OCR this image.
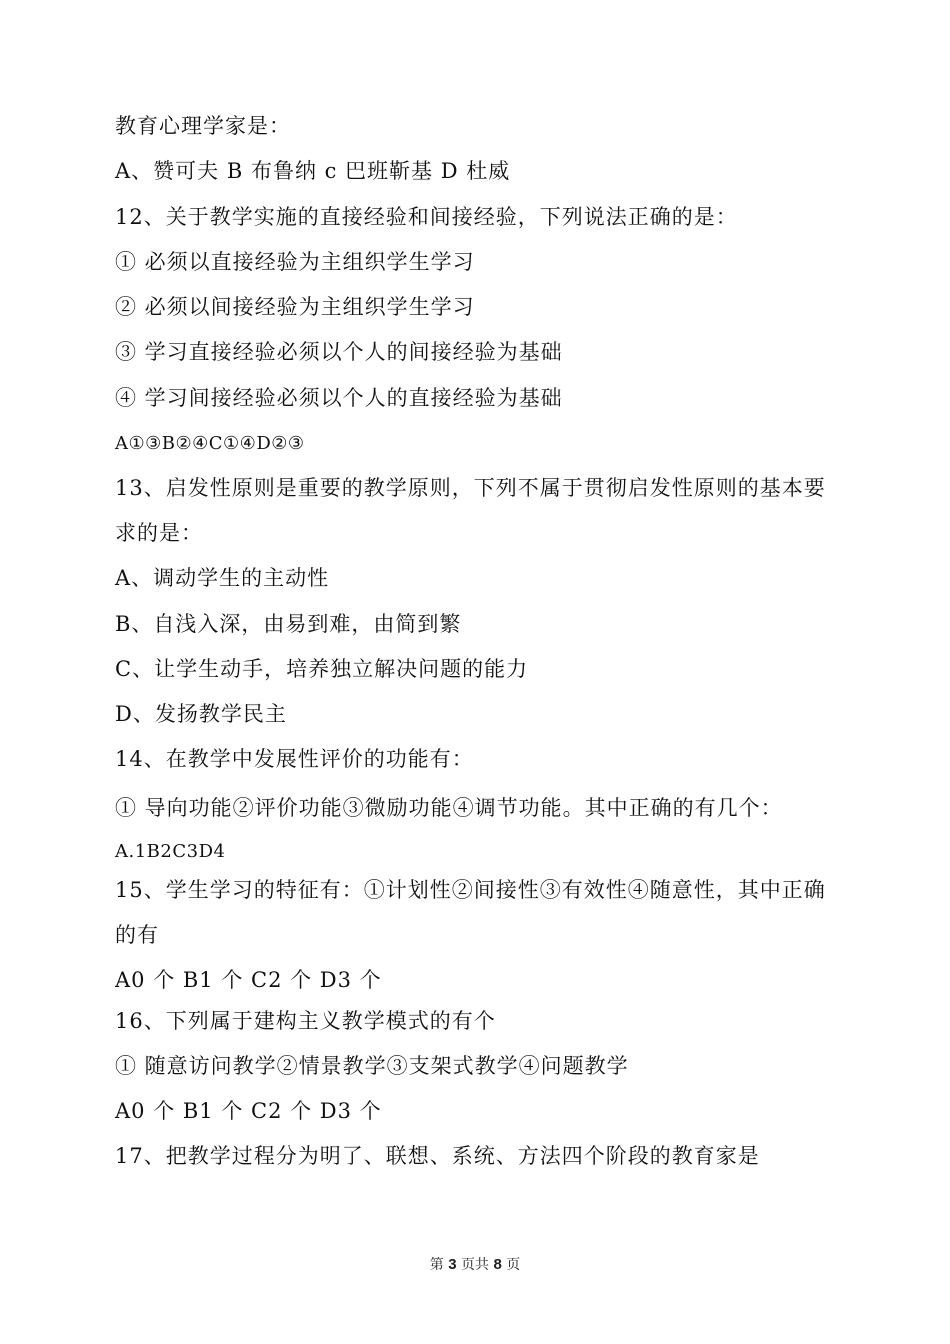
教育心理学家是：
A、赞可夫 B 布鲁纳 c 巴班靳基 D 杜威
12、关于教学实施的直接经验和间接经验，下列说法正确的是：
① 必须以直接经验为主组织学生学习
② 必须以间接经验为主组织学生学习
③ 学习直接经验必须以个人的间接经验为基础
④ 学习间接经验必须以个人的直接经验为基础
A①③B②④C①④D②③
13、启发性原则是重要的教学原则，下列不属于贯彻启发性原则的基本要
求的是：
A、调动学生的主动性
B、自浅入深，由易到难，由简到繁
C、让学生动手，培养独立解决问题的能力
D、发扬教学民主
14、在教学中发展性评价的功能有：
① 导向功能②评价功能③微励功能④调节功能。其中正确的有几个：
A.1B2C3D4
15、学生学习的特征有：①计划性②间接性③有效性④随意性，其中正确
的有
A0 个 B1 个 C2 个 D3 个
16、下列属于建构主义教学模式的有个
① 随意访问教学②情景教学③支架式教学④问题教学
A0 个 B1 个 C2 个 D3 个
17、把教学过程分为明了、联想、系统、方法四个阶段的教育家是
第 3 页共 8 页
